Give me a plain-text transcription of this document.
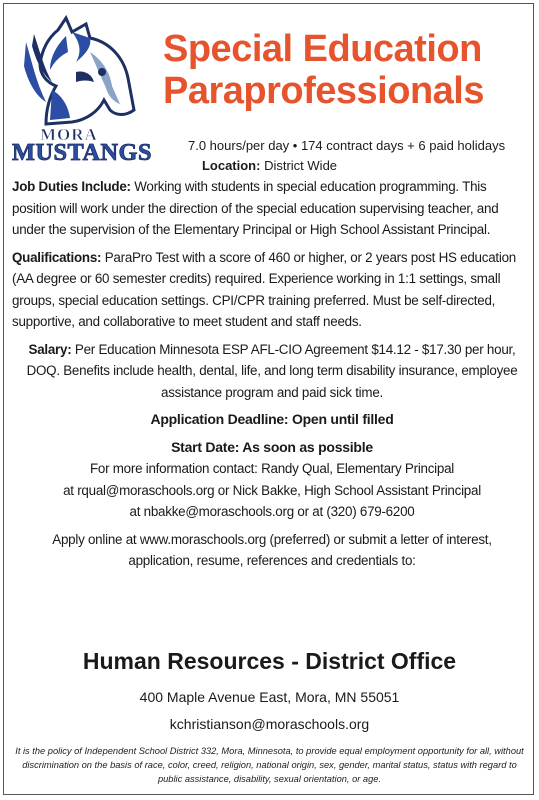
MORA
MUSTANGS
Special Education
Paraprofessionals
7.0 hours/per day • 174 contract days + 6 paid holidays
Location: District Wide

Job Duties Include: Working with students in special education programming. This position will work under the direction of the special education supervising teacher, and under the supervision of the Elementary Principal or High School Assistant Principal.

Qualifications: ParaPro Test with a score of 460 or higher, or 2 years post HS education (AA degree or 60 semester credits) required. Experience working in 1:1 settings, small groups, special education settings. CPI/CPR training preferred. Must be self-directed, supportive, and collaborative to meet student and staff needs.

Salary: Per Education Minnesota ESP AFL-CIO Agreement $14.12 - $17.30 per hour, DOQ. Benefits include health, dental, life, and long term disability insurance, employee assistance program and paid sick time.

Application Deadline: Open until filled

Start Date: As soon as possible

For more information contact: Randy Qual, Elementary Principal
at rqual@moraschools.org or Nick Bakke, High School Assistant Principal
at nbakke@moraschools.org or at (320) 679-6200

Apply online at www.moraschools.org (preferred) or submit a letter of interest,
application, resume, references and credentials to:

Human Resources - District Office
400 Maple Avenue East, Mora, MN 55051
kchristianson@moraschools.org
It is the policy of Independent School District 332, Mora, Minnesota, to provide equal employment opportunity for all, without discrimination on the basis of race, color, creed, religion, national origin, sex, gender, marital status, status with regard to public assistance, disability, sexual orientation, or age.
